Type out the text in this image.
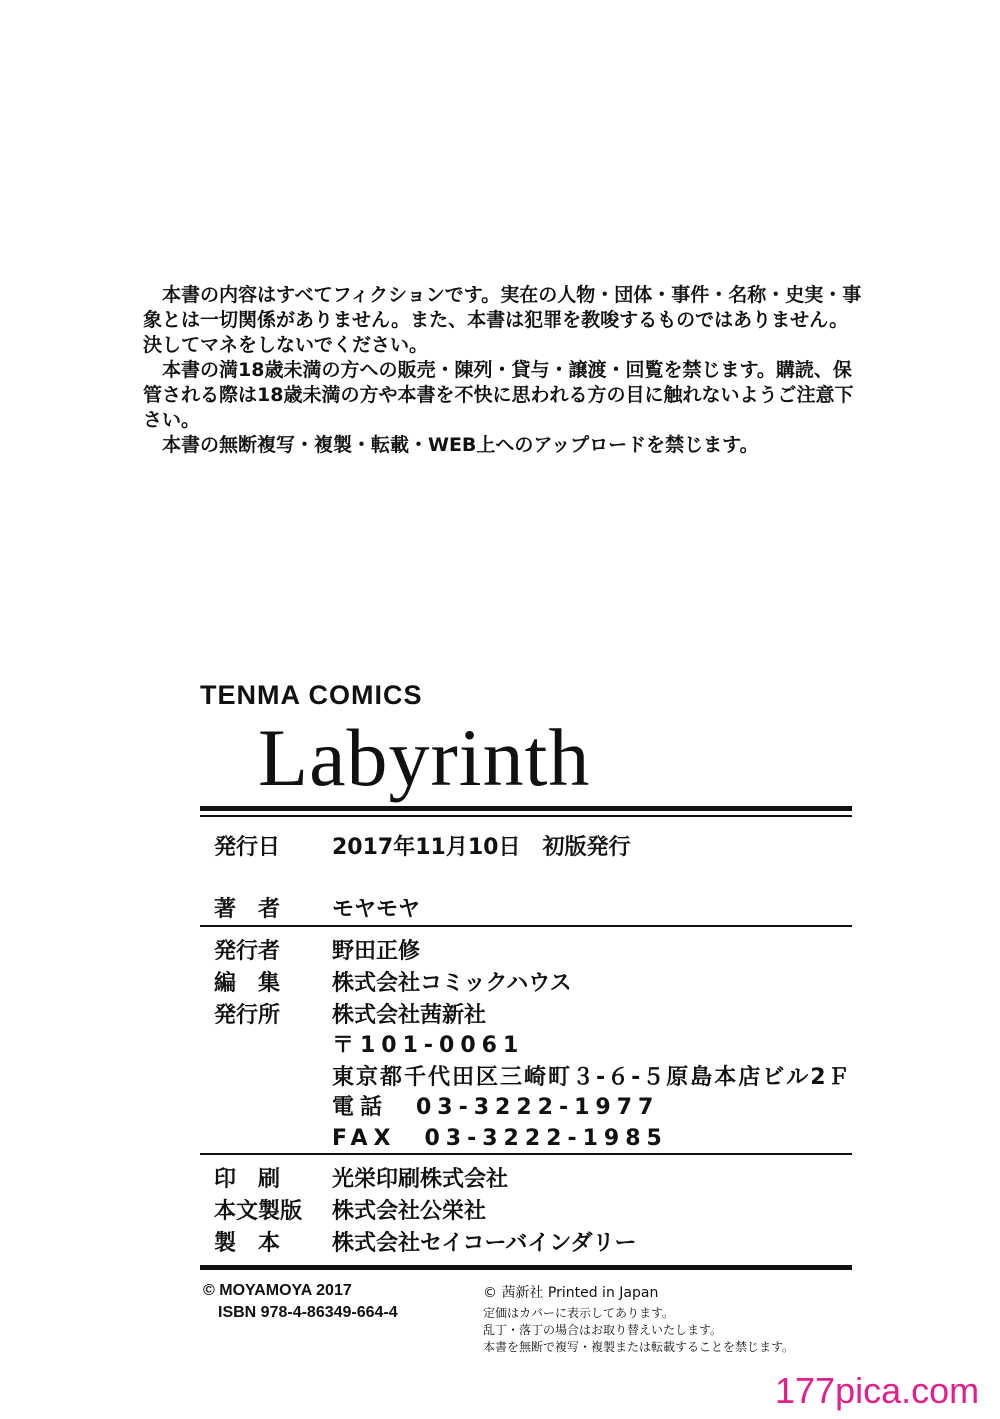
本書の内容はすべてフィクションです。実在の人物・団体・事件・名称・史実・事象とは一切関係がありません。また、本書は犯罪を教唆するものではありません。決してマネをしないでください。

本書の満18歳未満の方への販売・陳列・貸与・譲渡・回覧を禁じます。購読、保管される際は18歳未満の方や本書を不快に思われる方の目に触れないようご注意下さい。

本書の無断複写・複製・転載・WEB上へのアップロードを禁じます。

TENMA COMICS
Labyrinth
発行日 2017年11月10日　初版発行
著　者 モヤモヤ
発行者 野田正修
編　集 株式会社コミックハウス
発行所 株式会社茜新社
〒101-0061
東京都千代田区三崎町３-６-５原島本店ビル2Ｆ
電話　03-3222-1977
FAX　03-3222-1985
印　刷 光栄印刷株式会社
本文製版 株式会社公栄社
製　本 株式会社セイコーバインダリー
© MOYAMOYA 2017
ISBN 978-4-86349-664-4
© 茜新社 Printed in Japan
定価はカバーに表示してあります。
乱丁・落丁の場合はお取り替えいたします。
本書を無断で複写・複製または転載することを禁じます。
177pica.com
